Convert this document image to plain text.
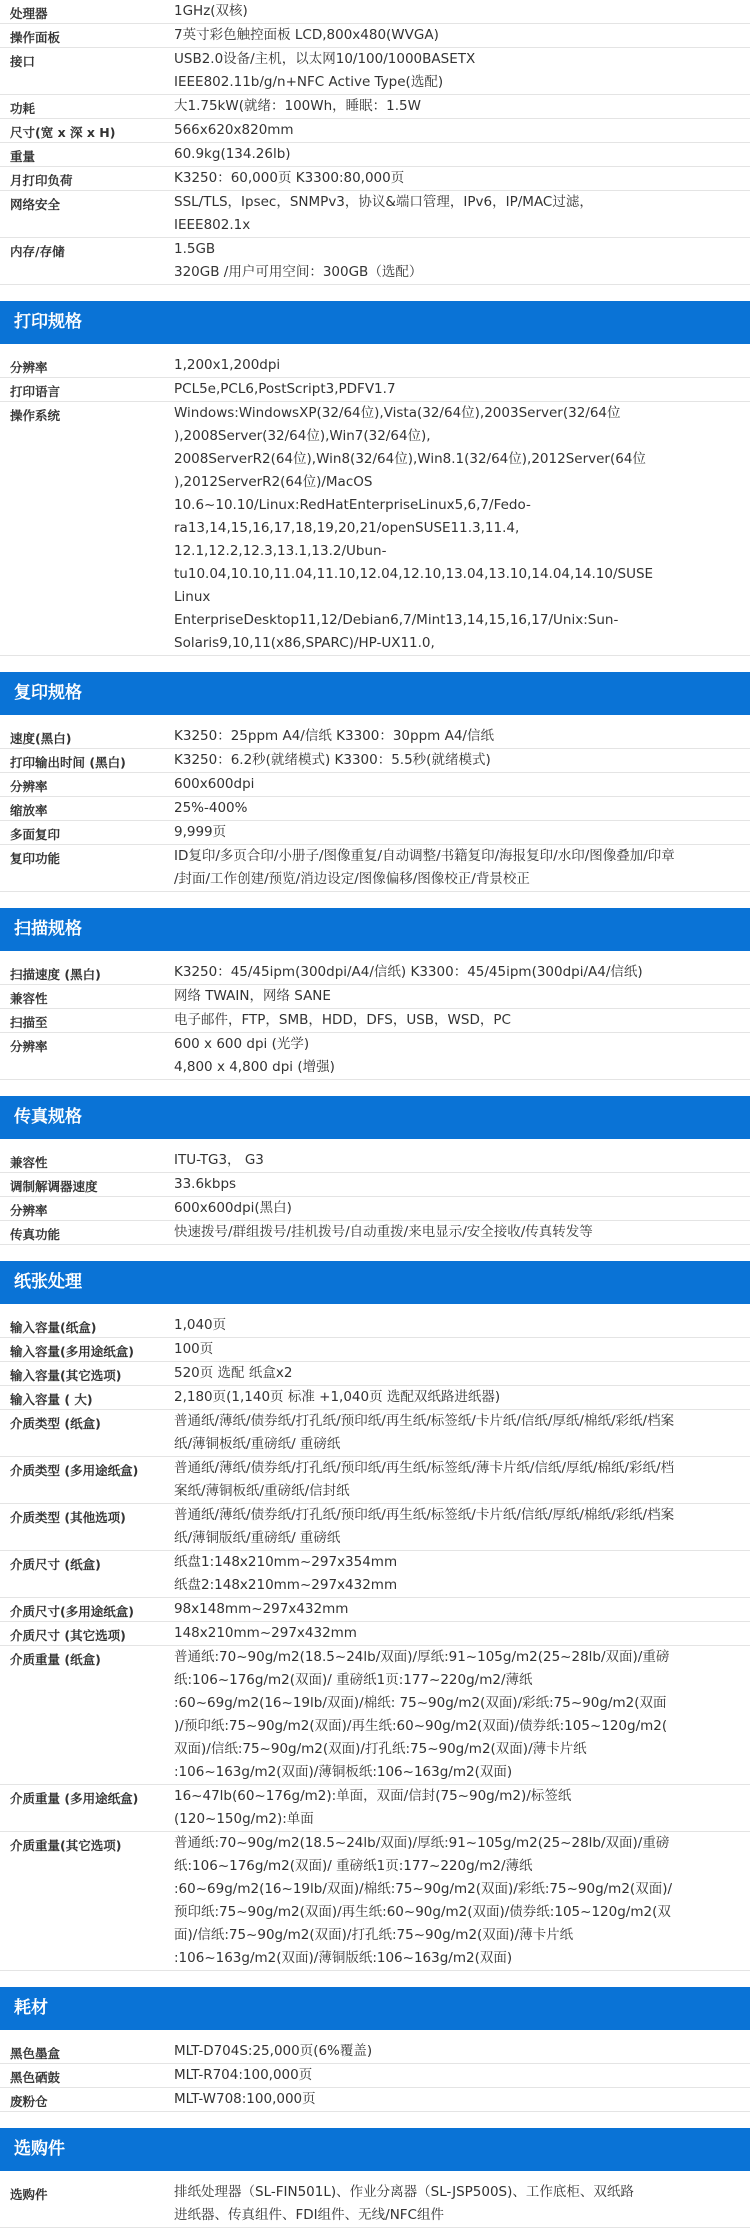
处理器	1GHz(双核)
操作面板	7英寸彩色触控面板 LCD,800x480(WVGA)
接口	USB2.0设备/主机，以太网10/100/1000BASETX
IEEE802.11b/g/n+NFC Active Type(选配)
功耗	大1.75kW(就绪：100Wh，睡眠：1.5W
尺寸(宽 x 深 x H)	566x620x820mm
重量	60.9kg(134.26lb)
月打印负荷	K3250：60,000页 K3300:80,000页
网络安全	SSL/TLS，Ipsec，SNMPv3，协议&端口管理，IPv6，IP/MAC过滤，
IEEE802.1x
内存/存储	1.5GB
320GB /用户可用空间：300GB（选配）
打印规格
分辨率	1,200x1,200dpi
打印语言	PCL5e,PCL6,PostScript3,PDFV1.7
操作系统	Windows:WindowsXP(32/64位),Vista(32/64位),2003Server(32/64位
),2008Server(32/64位),Win7(32/64位),
2008ServerR2(64位),Win8(32/64位),Win8.1(32/64位),2012Server(64位
),2012ServerR2(64位)/MacOS
10.6~10.10/Linux:RedHatEnterpriseLinux5,6,7/Fedo-
ra13,14,15,16,17,18,19,20,21/openSUSE11.3,11.4,
12.1,12.2,12.3,13.1,13.2/Ubun-
tu10.04,10.10,11.04,11.10,12.04,12.10,13.04,13.10,14.04,14.10/SUSE
Linux
EnterpriseDesktop11,12/Debian6,7/Mint13,14,15,16,17/Unix:Sun-
Solaris9,10,11(x86,SPARC)/HP-UX11.0,
复印规格
速度(黑白)	K3250：25ppm A4/信纸 K3300：30ppm A4/信纸
打印输出时间 (黑白)	K3250：6.2秒(就绪模式) K3300：5.5秒(就绪模式)
分辨率	600x600dpi
缩放率	25%-400%
多面复印	9,999页
复印功能	ID复印/多页合印/小册子/图像重复/自动调整/书籍复印/海报复印/水印/图像叠加/印章
/封面/工作创建/预览/消边设定/图像偏移/图像校正/背景校正
扫描规格
扫描速度 (黑白)	K3250：45/45ipm(300dpi/A4/信纸) K3300：45/45ipm(300dpi/A4/信纸)
兼容性	网络 TWAIN，网络 SANE
扫描至	电子邮件，FTP，SMB，HDD，DFS，USB，WSD，PC
分辨率	600 x 600 dpi (光学)
4,800 x 4,800 dpi (增强)
传真规格
兼容性	ITU-TG3， G3
调制解调器速度	33.6kbps
分辨率	600x600dpi(黑白)
传真功能	快速拨号/群组拨号/挂机拨号/自动重拨/来电显示/安全接收/传真转发等
纸张处理
输入容量(纸盒)	1,040页
输入容量(多用途纸盒)	100页
输入容量(其它选项)	520页 选配 纸盒x2
输入容量 ( 大)	2,180页(1,140页 标准 +1,040页 选配双纸路进纸器)
介质类型 (纸盒)	普通纸/薄纸/债券纸/打孔纸/预印纸/再生纸/标签纸/卡片纸/信纸/厚纸/棉纸/彩纸/档案
纸/薄铜板纸/重磅纸/ 重磅纸
介质类型 (多用途纸盒)	普通纸/薄纸/债券纸/打孔纸/预印纸/再生纸/标签纸/薄卡片纸/信纸/厚纸/棉纸/彩纸/档
案纸/薄铜板纸/重磅纸/信封纸
介质类型 (其他选项)	普通纸/薄纸/债券纸/打孔纸/预印纸/再生纸/标签纸/卡片纸/信纸/厚纸/棉纸/彩纸/档案
纸/薄铜版纸/重磅纸/ 重磅纸
介质尺寸 (纸盒)	纸盘1:148x210mm~297x354mm
纸盘2:148x210mm~297x432mm
介质尺寸(多用途纸盒)	98x148mm~297x432mm
介质尺寸 (其它选项)	148x210mm~297x432mm
介质重量 (纸盒)	普通纸:70~90g/m2(18.5~24lb/双面)/厚纸:91~105g/m2(25~28lb/双面)/重磅
纸:106~176g/m2(双面)/ 重磅纸1页:177~220g/m2/薄纸
:60~69g/m2(16~19lb/双面)/棉纸: 75~90g/m2(双面)/彩纸:75~90g/m2(双面
)/预印纸:75~90g/m2(双面)/再生纸:60~90g/m2(双面)/债券纸:105~120g/m2(
双面)/信纸:75~90g/m2(双面)/打孔纸:75~90g/m2(双面)/薄卡片纸
:106~163g/m2(双面)/薄铜板纸:106~163g/m2(双面)
介质重量 (多用途纸盒)	16~47lb(60~176g/m2):单面，双面/信封(75~90g/m2)/标签纸
(120~150g/m2):单面
介质重量(其它选项)	普通纸:70~90g/m2(18.5~24lb/双面)/厚纸:91~105g/m2(25~28lb/双面)/重磅
纸:106~176g/m2(双面)/ 重磅纸1页:177~220g/m2/薄纸
:60~69g/m2(16~19lb/双面)/棉纸:75~90g/m2(双面)/彩纸:75~90g/m2(双面)/
预印纸:75~90g/m2(双面)/再生纸:60~90g/m2(双面)/债券纸:105~120g/m2(双
面)/信纸:75~90g/m2(双面)/打孔纸:75~90g/m2(双面)/薄卡片纸
:106~163g/m2(双面)/薄铜版纸:106~163g/m2(双面)
耗材
黑色墨盒	MLT-D704S:25,000页(6%覆盖)
黑色硒鼓	MLT-R704:100,000页
废粉仓	MLT-W708:100,000页
选购件
选购件	排纸处理器（SL-FIN501L)、作业分离器（SL-JSP500S)、工作底柜、双纸路
进纸器、传真组件、FDI组件、无线/NFC组件
